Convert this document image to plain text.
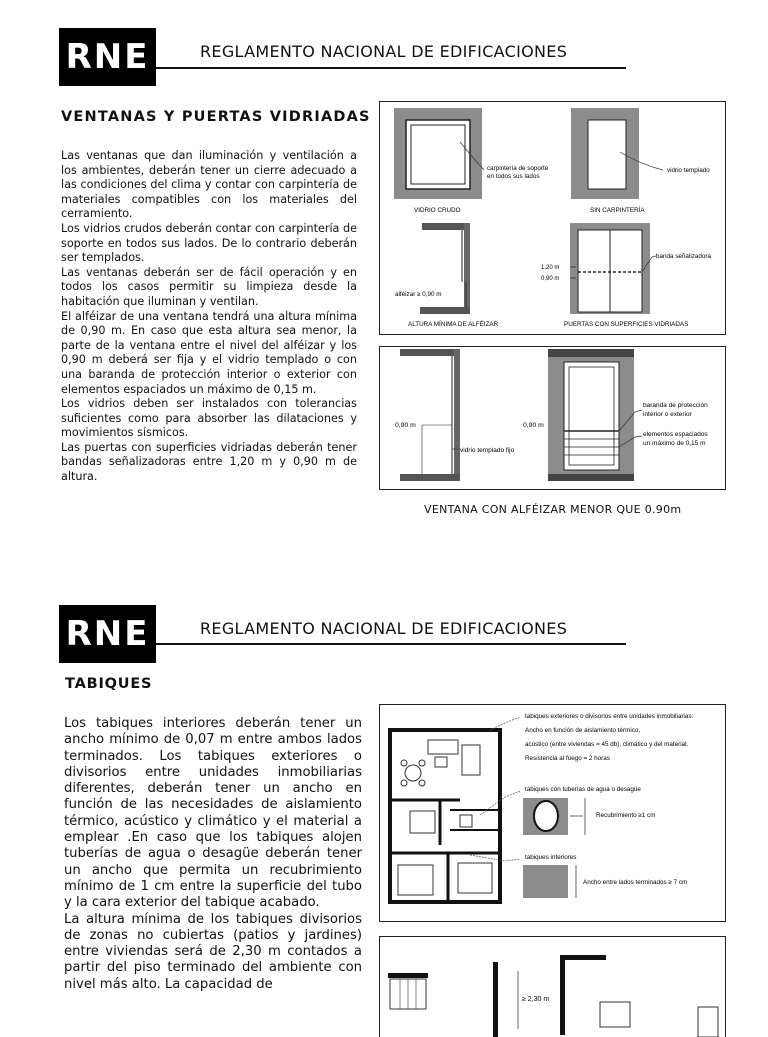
RNE	REGLAMENTO NACIONAL DE EDIFICACIONES
VENTANAS Y PUERTAS VIDRIADAS

Las ventanas que dan iluminación y ventilación a los ambientes, deberán tener un cierre adecuado a las condiciones del clima y contar con carpintería de materiales compatibles con los materiales del cerramiento.

Los vidrios crudos deberán contar con carpintería de soporte en todos sus lados. De lo contrario deberán ser templados.

Las ventanas deberán ser de fácil operación y en todos los casos permitir su limpieza desde la habitación que iluminan y ventilan.

El alféizar de una ventana tendrá una altura mínima de 0,90 m. En caso que esta altura sea menor, la parte de la ventana entre el nivel del alféizar y los 0,90 m deberá ser fija y el vidrio templado o con una baranda de protección interior o exterior con elementos espaciados un máximo de 0,15 m.

Los vidrios deben ser instalados con tolerancias suficientes como para absorber las dilataciones y movimientos sísmicos.

Las puertas con superficies vidriadas deberán tener bandas señalizadoras entre 1,20 m y 0,90 m de altura.

carpintería de soporte
en todos sus lados
VIDRIO CRUDO
vidrio templado
SIN CARPINTERÍA
alféizar ≥ 0,90 m
ALTURA MÍNIMA DE ALFÉIZAR
1,20 m
0,90 m
banda señalizadora
PUERTAS CON SUPERFICIES VIDRIADAS
0,90 m
vidrio templado fijo
0,90 m
baranda de protección
interior o exterior
elementos espaciados
un máximo de 0,15 m
VENTANA CON ALFÉIZAR MENOR QUE 0.90m
RNE	REGLAMENTO NACIONAL DE EDIFICACIONES
TABIQUES

Los tabiques interiores deberán tener un ancho mínimo de 0,07 m entre ambos lados terminados. Los tabiques exteriores o divisorios entre unidades inmobiliarias diferentes, deberán tener un ancho en función de las necesidades de aislamiento térmico, acústico y climático y el material a emplear .En caso que los tabiques alojen tuberías de agua o desagüe deberán tener un ancho que permita un recubrimiento mínimo de 1 cm entre la superficie del tubo y la cara exterior del tabique acabado.

La altura mínima de los tabiques divisorios de zonas no cubiertas (patios y jardines) entre viviendas será de 2,30 m contados a partir del piso terminado del ambiente con nivel más alto. La capacidad de

tabiques exteriores o divisorios entre unidades inmobiliarias:
Ancho en función de aislamiento térmico,
acústico (entre viviendas = 45 db), climático y del material.
Resistencia al fuego = 2 horas
tabiques con tuberías de agua o desagüe
Recubrimiento ≥1 cm
tabiques interiores
Ancho entre lados terminados ≥ 7 cm
≥ 2,30 m
